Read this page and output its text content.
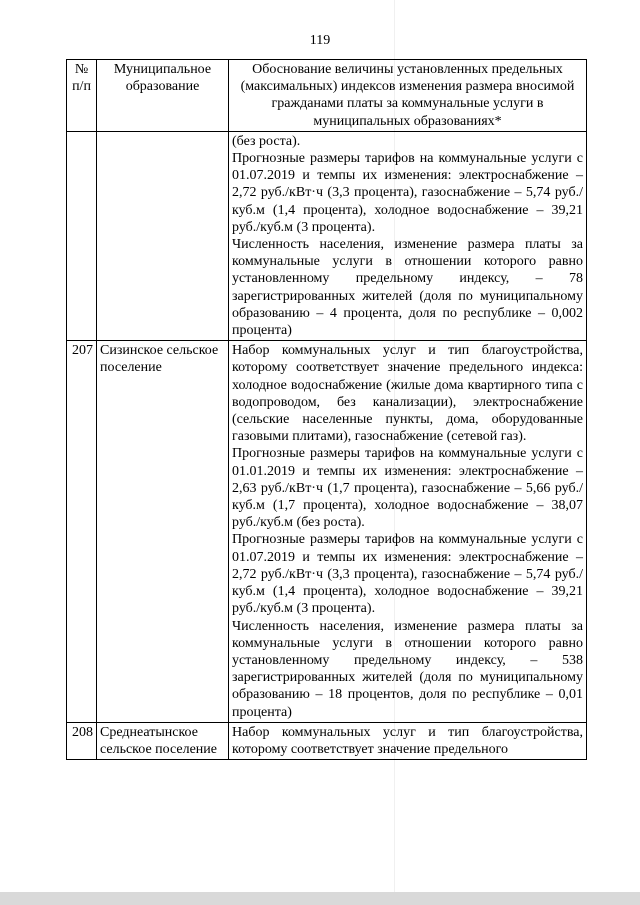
119
№ п/п	Муниципальное образование	Обоснование величины установленных предельных (максимальных) индексов изменения размера вносимой гражданами платы за коммунальные услуги в муниципальных образованиях*

		(без роста).

Прогнозные размеры тарифов на коммунальные услуги с 01.07.2019 и темпы их изменения: электроснабжение – 2,72 руб./кВт·ч (3,3 процента), газоснабжение – 5,74 руб./куб.м (1,4 процента), холодное водоснабжение – 39,21 руб./куб.м (3 процента).

Численность населения, изменение размера платы за коммунальные услуги в отношении которого равно установленному предельному индексу, – 78 зарегистрированных жителей (доля по муниципальному образованию – 4 процента, доля по республике – 0,002 процента)

207	Сизинское сельское поселение	Набор коммунальных услуг и тип благоустройства, которому соответствует значение предельного индекса: холодное водоснабжение (жилые дома квартирного типа с водопроводом, без канализации), электроснабжение (сельские населенные пункты, дома, оборудованные газовыми плитами), газоснабжение (сетевой газ).

Прогнозные размеры тарифов на коммунальные услуги с 01.01.2019 и темпы их изменения: электроснабжение – 2,63 руб./кВт·ч (1,7 процента), газоснабжение – 5,66 руб./куб.м (1,7 процента), холодное водоснабжение – 38,07 руб./куб.м (без роста).

Прогнозные размеры тарифов на коммунальные услуги с 01.07.2019 и темпы их изменения: электроснабжение – 2,72 руб./кВт·ч (3,3 процента), газоснабжение – 5,74 руб./куб.м (1,4 процента), холодное водоснабжение – 39,21 руб./куб.м (3 процента).

Численность населения, изменение размера платы за коммунальные услуги в отношении которого равно установленному предельному индексу, – 538 зарегистрированных жителей (доля по муниципальному образованию – 18 процентов, доля по республике – 0,01 процента)

208	Среднеатынское сельское поселение	Набор коммунальных услуг и тип благоустройства, которому соответствует значение предельного
